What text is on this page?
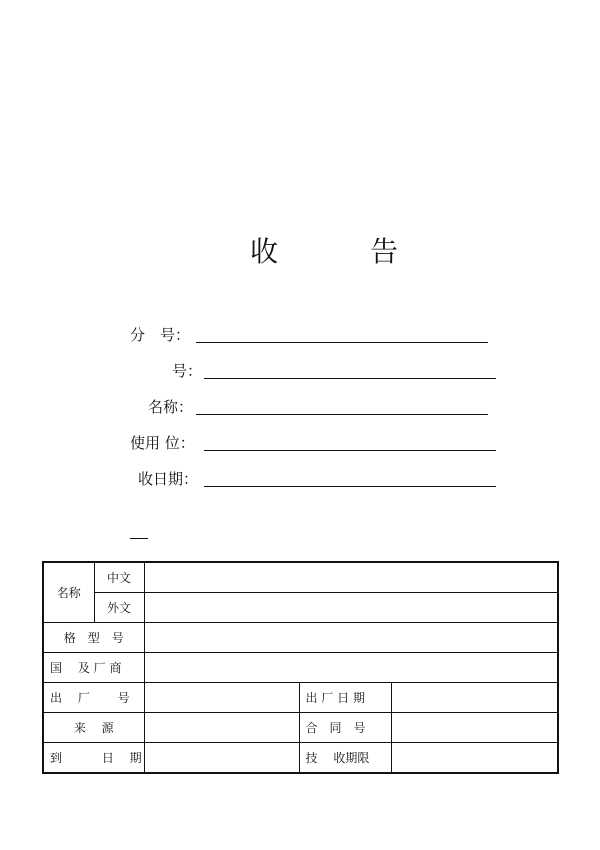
收	告
分　号：
号：
名称：
使用 位：
收日期：
名称	中文			
	外文			
格　型　号				
国　 及 厂 商				
出　 厂 　　号			出 厂 日 期	
来　 源			合　同　号	
到　　　 日　 期			技　 收期限	
